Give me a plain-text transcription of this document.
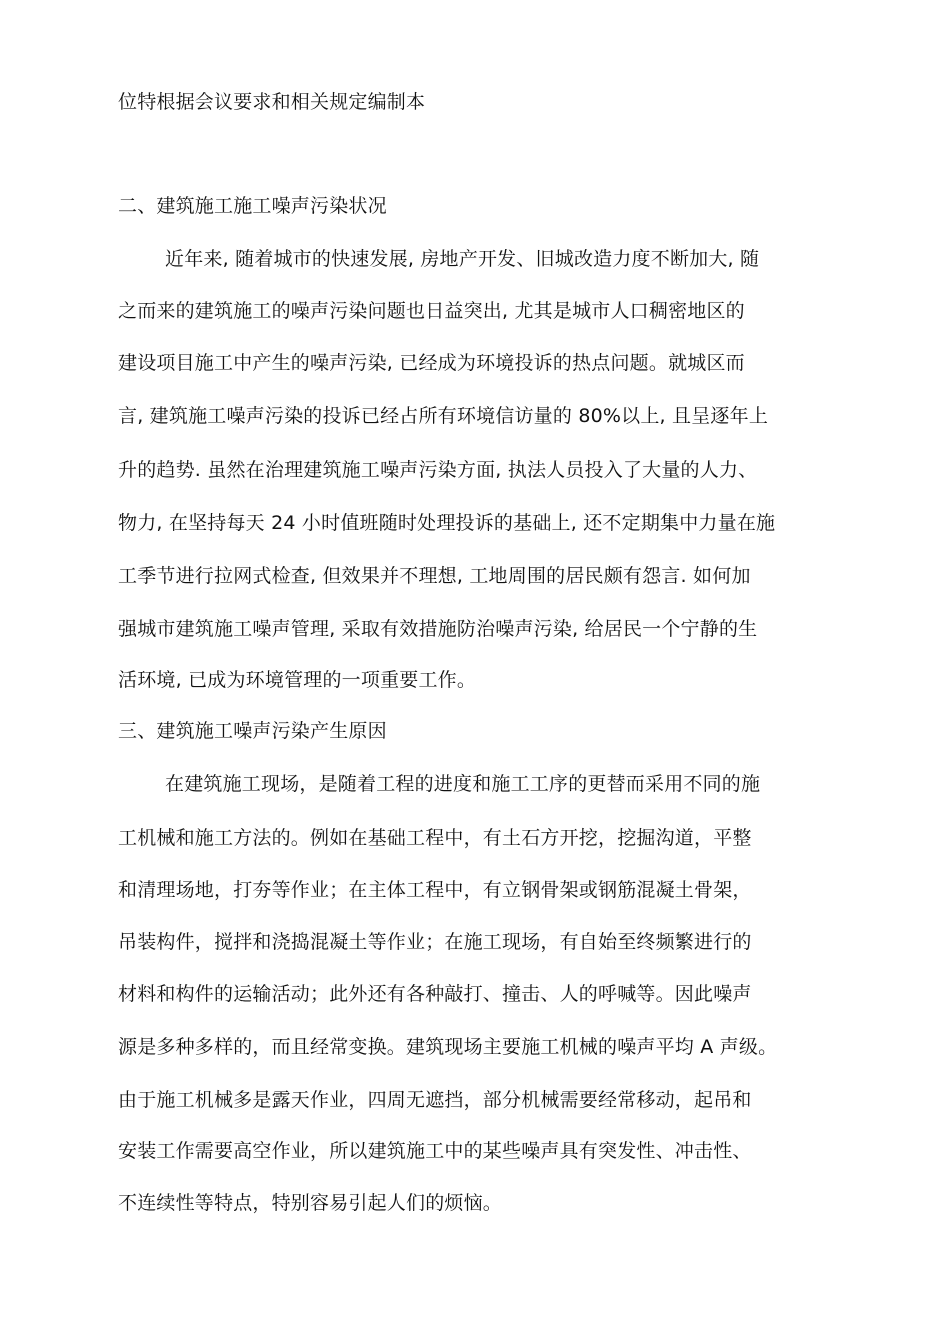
位特根据会议要求和相关规定编制本
二、建筑施工施工噪声污染状况
近年来, 随着城市的快速发展, 房地产开发、旧城改造力度不断加大, 随
之而来的建筑施工的噪声污染问题也日益突出, 尤其是城市人口稠密地区的
建设项目施工中产生的噪声污染, 已经成为环境投诉的热点问题。就城区而
言, 建筑施工噪声污染的投诉已经占所有环境信访量的 80%以上, 且呈逐年上
升的趋势. 虽然在治理建筑施工噪声污染方面, 执法人员投入了大量的人力、
物力, 在坚持每天 24 小时值班随时处理投诉的基础上, 还不定期集中力量在施
工季节进行拉网式检查, 但效果并不理想, 工地周围的居民颇有怨言. 如何加
强城市建筑施工噪声管理, 采取有效措施防治噪声污染, 给居民一个宁静的生
活环境, 已成为环境管理的一项重要工作。
三、建筑施工噪声污染产生原因
在建筑施工现场，是随着工程的进度和施工工序的更替而采用不同的施
工机械和施工方法的。例如在基础工程中，有土石方开挖，挖掘沟道，平整
和清理场地，打夯等作业；在主体工程中，有立钢骨架或钢筋混凝土骨架，
吊装构件，搅拌和浇捣混凝土等作业；在施工现场，有自始至终频繁进行的
材料和构件的运输活动；此外还有各种敲打、撞击、人的呼喊等。因此噪声
源是多种多样的，而且经常变换。建筑现场主要施工机械的噪声平均 A 声级。
由于施工机械多是露天作业，四周无遮挡，部分机械需要经常移动，起吊和
安装工作需要高空作业，所以建筑施工中的某些噪声具有突发性、冲击性、
不连续性等特点，特别容易引起人们的烦恼。
